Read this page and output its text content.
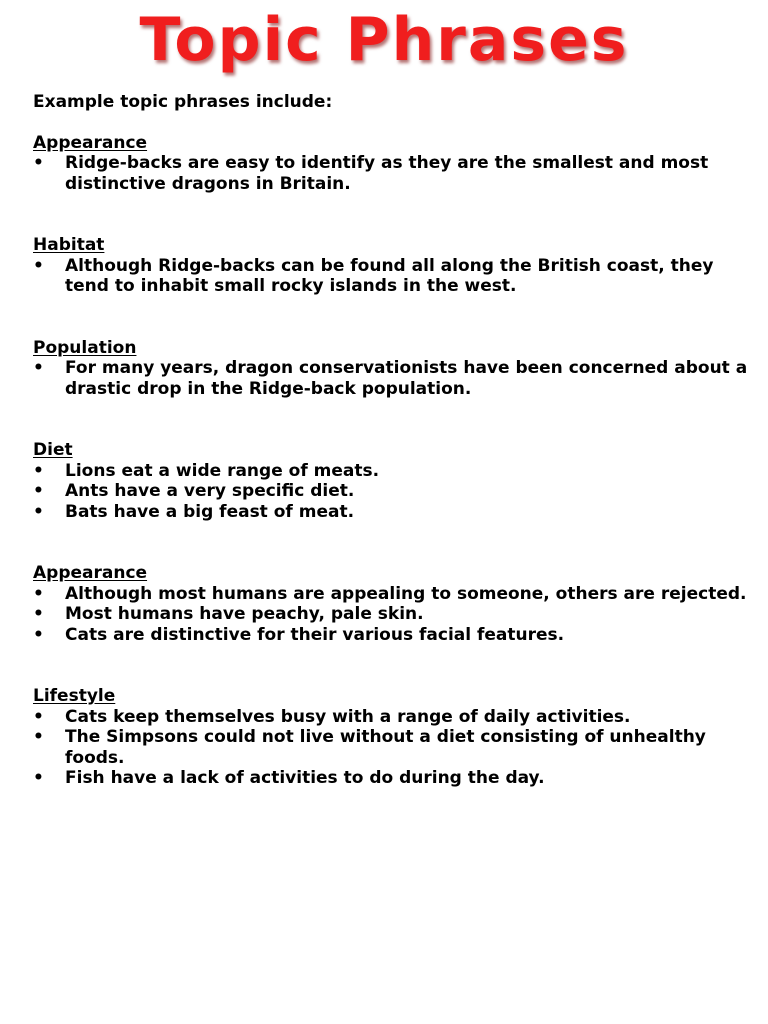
Topic Phrases
Example topic phrases include:
Appearance
•	Ridge-backs are easy to identify as they are the smallest and most distinctive dragons in Britain.
Habitat
•	Although Ridge-backs can be found all along the British coast, they tend to inhabit small rocky islands in the west.
Population
•	For many years, dragon conservationists have been concerned about a drastic drop in the Ridge-back population.
Diet
•	Lions eat a wide range of meats.
•	Ants have a very specific diet.
•	Bats have a big feast of meat.
Appearance
•	Although most humans are appealing to someone, others are rejected.
•	Most humans have peachy, pale skin.
•	Cats are distinctive for their various facial features.
Lifestyle
•	Cats keep themselves busy with a range of daily activities.
•	The Simpsons could not live without a diet consisting of unhealthy foods.
•	Fish have a lack of activities to do during the day.
